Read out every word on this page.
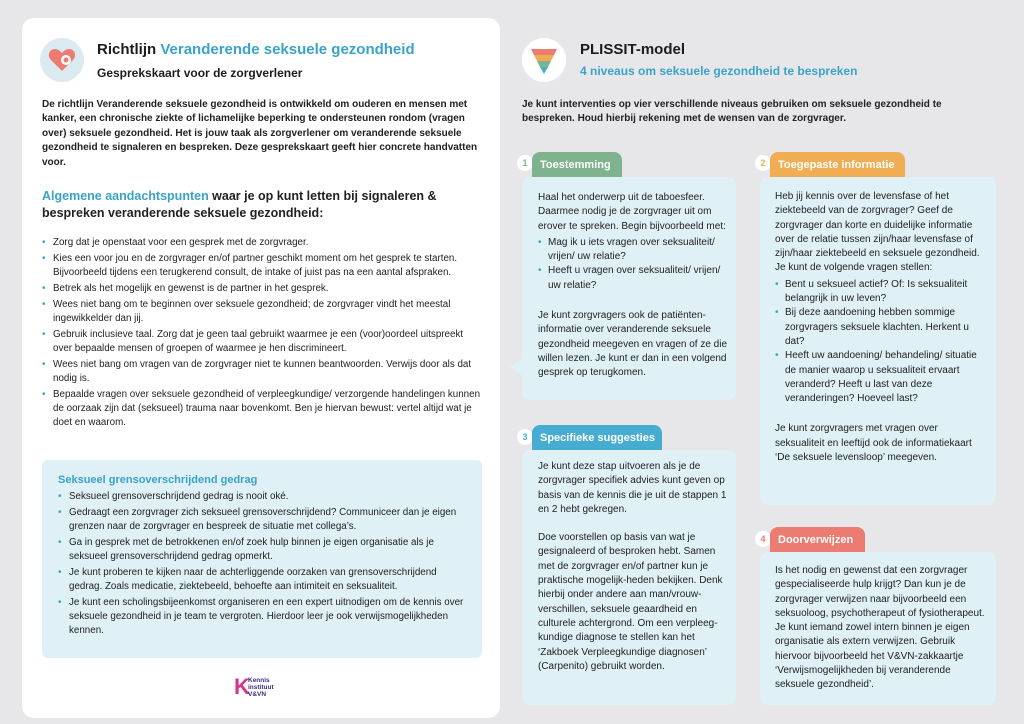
Richtlijn Veranderende seksuele gezondheid
Gesprekskaart voor de zorgverlener
De richtlijn Veranderende seksuele gezondheid is ontwikkeld om ouderen en mensen met kanker, een chronische ziekte of lichamelijke beperking te ondersteunen rondom (vragen over) seksuele gezondheid. Het is jouw taak als zorgverlener om veranderende seksuele gezondheid te signaleren en bespreken. Deze gesprekskaart geeft hier concrete handvatten voor.
Algemene aandachtspunten waar je op kunt letten bij signaleren & bespreken veranderende seksuele gezondheid:
• Zorg dat je openstaat voor een gesprek met de zorgvrager.
• Kies een voor jou en de zorgvrager en/of partner geschikt moment om het gesprek te starten. Bijvoorbeeld tijdens een terugkerend consult, de intake of juist pas na een aantal afspraken.
• Betrek als het mogelijk en gewenst is de partner in het gesprek.
• Wees niet bang om te beginnen over seksuele gezondheid; de zorgvrager vindt het meestal ingewikkelder dan jij.
• Gebruik inclusieve taal. Zorg dat je geen taal gebruikt waarmee je een (voor)oordeel uitspreekt over bepaalde mensen of groepen of waarmee je hen discrimineert.
• Wees niet bang om vragen van de zorgvrager niet te kunnen beantwoorden. Verwijs door als dat nodig is.
• Bepaalde vragen over seksuele gezondheid of verpleegkundige/ verzorgende handelingen kunnen de oorzaak zijn dat (seksueel) trauma naar bovenkomt. Ben je hiervan bewust: vertel altijd wat je doet en waarom.
Seksueel grensoverschrijdend gedrag
• Seksueel grensoverschrijdend gedrag is nooit oké.
• Gedraagt een zorgvrager zich seksueel grensoverschrijdend? Communiceer dan je eigen grenzen naar de zorgvrager en bespreek de situatie met collega’s.
• Ga in gesprek met de betrokkenen en/of zoek hulp binnen je eigen organisatie als je seksueel grensoverschrijdend gedrag opmerkt.
• Je kunt proberen te kijken naar de achterliggende oorzaken van grensoverschrijdend gedrag. Zoals medicatie, ziektebeeld, behoefte aan intimiteit en seksualiteit.
• Je kunt een scholingsbijeenkomst organiseren en een expert uitnodigen om de kennis over seksuele gezondheid in je team te vergroten. Hierdoor leer je ook verwijsmogelijkheden kennen.
K
Kennis
instituut
V&VN
PLISSIT-model
4 niveaus om seksuele gezondheid te bespreken
Je kunt interventies op vier verschillende niveaus gebruiken om seksuele gezondheid te bespreken. Houd hierbij rekening met de wensen van de zorgvrager.
1	Toestemming

Haal het onderwerp uit de taboesfeer. Daarmee nodig je de zorgvrager uit om erover te spreken. Begin bijvoorbeeld met:

• Mag ik u iets vragen over seksualiteit/ vrijen/ uw relatie?
• Heeft u vragen over seksualiteit/ vrijen/ uw relatie?

Je kunt zorgvragers ook de patiënten-informatie over veranderende seksuele gezondheid meegeven en vragen of ze die willen lezen. Je kunt er dan in een volgend gesprek op terugkomen.

3	Specifieke suggesties

Je kunt deze stap uitvoeren als je de zorgvrager specifiek advies kunt geven op basis van de kennis die je uit de stappen 1 en 2 hebt gekregen.

Doe voorstellen op basis van wat je gesignaleerd of besproken hebt. Samen met de zorgvrager en/of partner kun je praktische mogelijk-heden bekijken. Denk hierbij onder andere aan man/vrouw-verschillen, seksuele geaardheid en culturele achtergrond. Om een verpleeg-kundige diagnose te stellen kan het ‘Zakboek Verpleegkundige diagnosen’ (Carpenito) gebruikt worden.

2	Toegepaste informatie

Heb jij kennis over de levensfase of het ziektebeeld van de zorgvrager? Geef de zorgvrager dan korte en duidelijke informatie over de relatie tussen zijn/haar levensfase of zijn/haar ziektebeeld en seksuele gezondheid. Je kunt de volgende vragen stellen:

• Bent u seksueel actief? Of: Is seksualiteit belangrijk in uw leven?
• Bij deze aandoening hebben sommige zorgvragers seksuele klachten. Herkent u dat?
• Heeft uw aandoening/ behandeling/ situatie de manier waarop u seksualiteit ervaart veranderd? Heeft u last van deze veranderingen? Hoeveel last?

Je kunt zorgvragers met vragen over seksualiteit en leeftijd ook de informatiekaart ‘De seksuele levensloop’ meegeven.

4	Doorverwijzen

Is het nodig en gewenst dat een zorgvrager gespecialiseerde hulp krijgt? Dan kun je de zorgvrager verwijzen naar bijvoorbeeld een seksuoloog, psychotherapeut of fysiotherapeut. Je kunt iemand zowel intern binnen je eigen organisatie als extern verwijzen. Gebruik hiervoor bijvoorbeeld het V&VN-zakkaartje ‘Verwijsmogelijkheden bij veranderende seksuele gezondheid’.
